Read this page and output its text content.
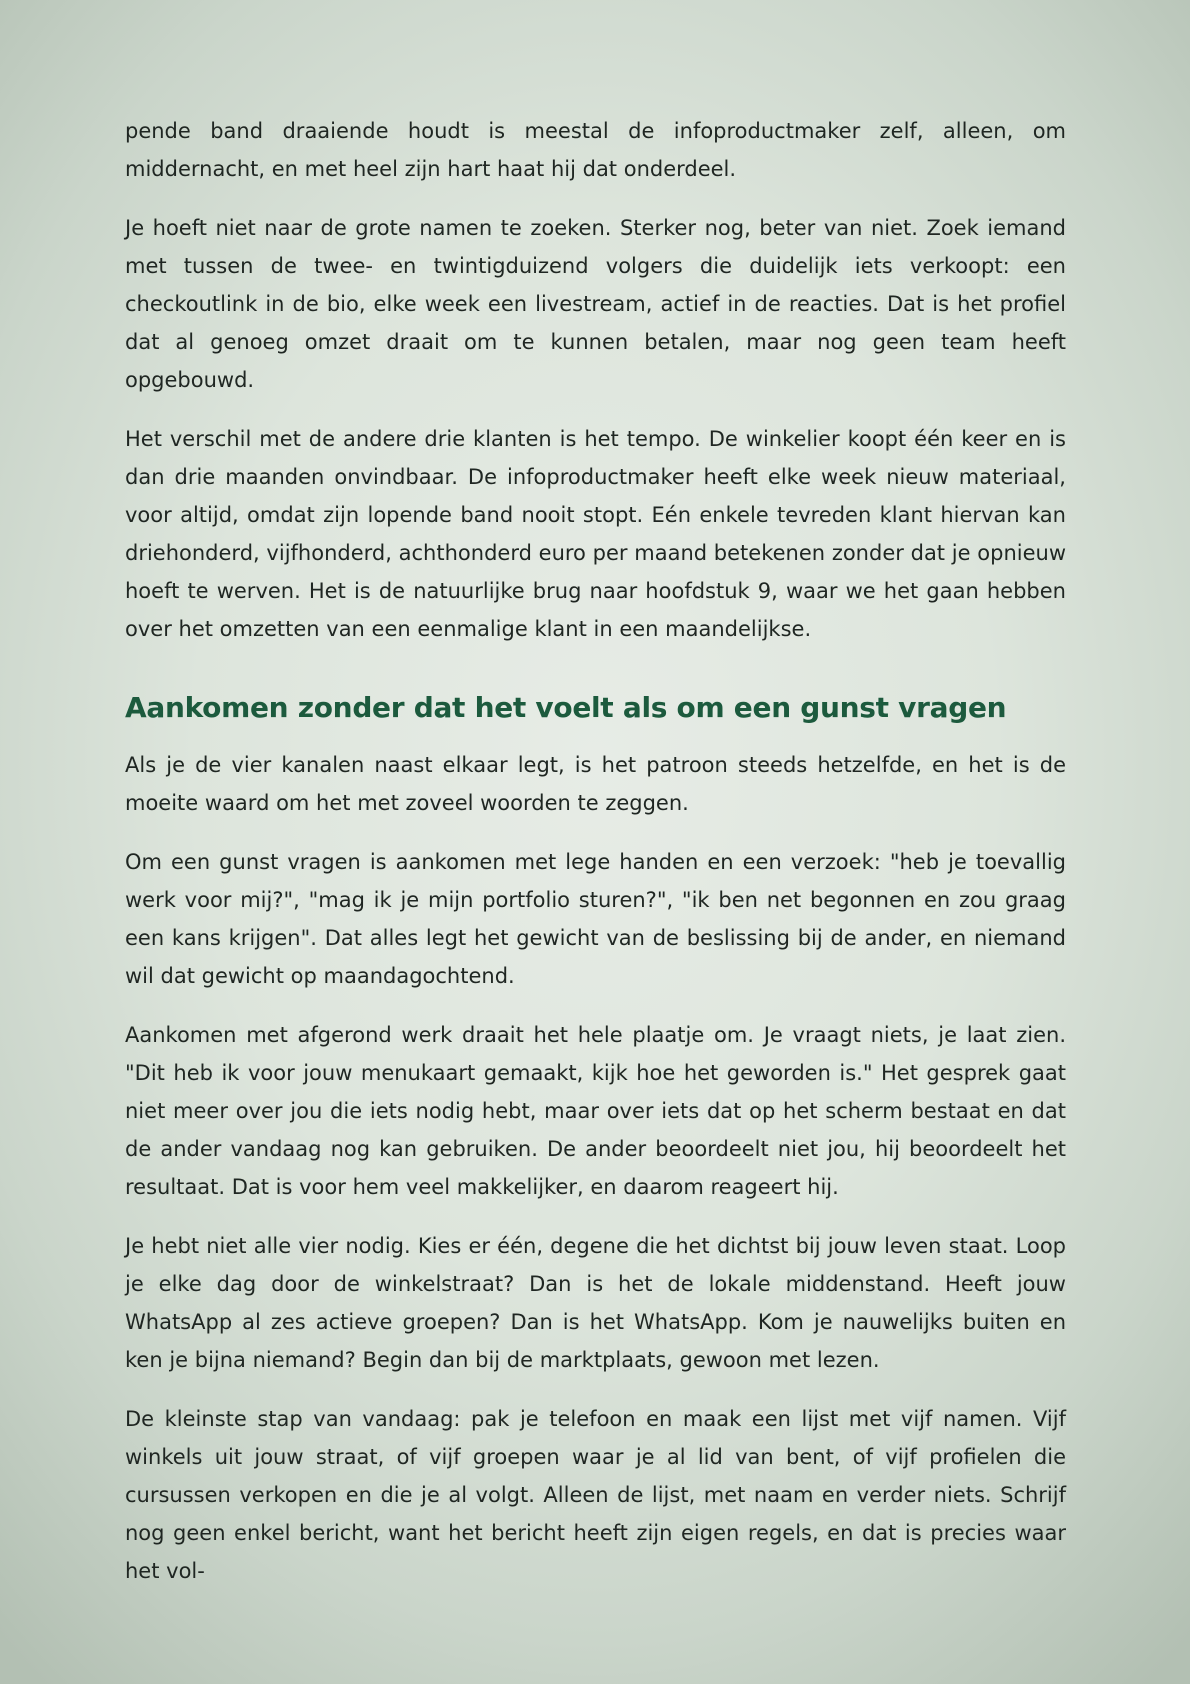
pende band draaiende houdt is meestal de infoproductmaker zelf, alleen, om middernacht, en met heel zijn hart haat hij dat onderdeel.

Je hoeft niet naar de grote namen te zoeken. Sterker nog, beter van niet. Zoek iemand met tussen de twee- en twintigduizend volgers die duidelijk iets verkoopt: een checkoutlink in de bio, elke week een livestream, actief in de reacties. Dat is het profiel dat al genoeg omzet draait om te kunnen betalen, maar nog geen team heeft opgebouwd.

Het verschil met de andere drie klanten is het tempo. De winkelier koopt één keer en is dan drie maanden onvindbaar. De infoproductmaker heeft elke week nieuw materiaal, voor altijd, omdat zijn lopende band nooit stopt. Eén enkele tevreden klant hiervan kan driehonderd, vijfhonderd, achthonderd euro per maand betekenen zonder dat je opnieuw hoeft te werven. Het is de natuurlijke brug naar hoofdstuk 9, waar we het gaan hebben over het omzetten van een eenmalige klant in een maandelijkse.

Aankomen zonder dat het voelt als om een gunst vragen

Als je de vier kanalen naast elkaar legt, is het patroon steeds hetzelfde, en het is de moeite waard om het met zoveel woorden te zeggen.

Om een gunst vragen is aankomen met lege handen en een verzoek: "heb je toevallig werk voor mij?", "mag ik je mijn portfolio sturen?", "ik ben net begonnen en zou graag een kans krijgen". Dat alles legt het gewicht van de beslissing bij de ander, en niemand wil dat gewicht op maandagochtend.

Aankomen met afgerond werk draait het hele plaatje om. Je vraagt niets, je laat zien. "Dit heb ik voor jouw menukaart gemaakt, kijk hoe het geworden is." Het gesprek gaat niet meer over jou die iets nodig hebt, maar over iets dat op het scherm bestaat en dat de ander vandaag nog kan gebruiken. De ander beoordeelt niet jou, hij beoordeelt het resultaat. Dat is voor hem veel makkelijker, en daarom reageert hij.

Je hebt niet alle vier nodig. Kies er één, degene die het dichtst bij jouw leven staat. Loop je elke dag door de winkelstraat? Dan is het de lokale middenstand. Heeft jouw WhatsApp al zes actieve groepen? Dan is het WhatsApp. Kom je nauwelijks buiten en ken je bijna niemand? Begin dan bij de marktplaats, gewoon met lezen.

De kleinste stap van vandaag: pak je telefoon en maak een lijst met vijf namen. Vijf winkels uit jouw straat, of vijf groepen waar je al lid van bent, of vijf profielen die cursussen verkopen en die je al volgt. Alleen de lijst, met naam en verder niets. Schrijf nog geen enkel bericht, want het bericht heeft zijn eigen regels, en dat is precies waar het vol-
